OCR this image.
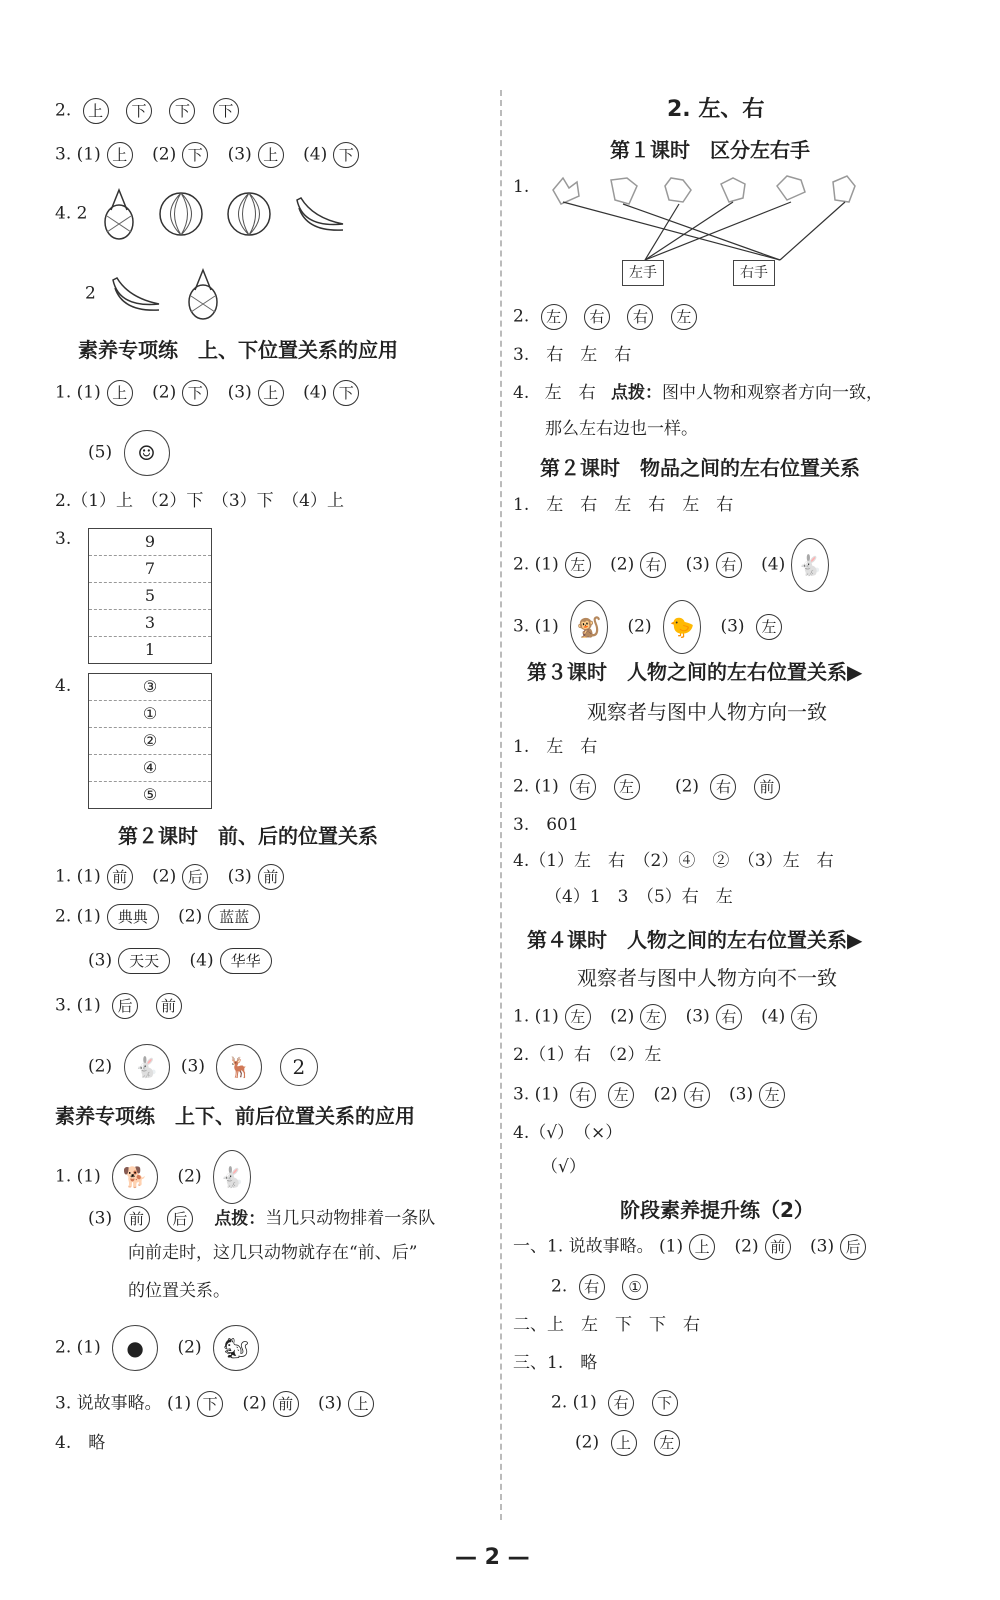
2. 上 下 下 下
3. (1) 上 (2) 下 (3) 上 (4) 下
4. 2
2
素养专项练　上、下位置关系的应用
1. (1) 上 (2) 下 (3) 上 (4) 下
(5) ☺
2.（1）上　（2）下　（3）下　（4）上
3.	9
7
5
3
1
4.	③
①
②
④
⑤
第２课时　前、后的位置关系
1. (1) 前 (2) 后 (3) 前
2. (1) 典典 (2) 蓝蓝
(3) 天天 (4) 华华
3. (1) 后 前
(2) 🐇 (3) 🦌 2
素养专项练　上下、前后位置关系的应用
1. (1) 🐕 (2) 🐇
(3) 前 后 点拨：当几只动物排着一条队
向前走时，这几只动物就存在“前、后”
的位置关系。
2. (1) ● (2) 🐿
3. 说故事略。 (1) 下 (2) 前 (3) 上
4.　略
2. 左、右
第１课时　区分左右手
1.
左手	右手
2. 左 右 右 左
3.　右　左　右
4. 左　右 点拨：图中人物和观察者方向一致，
那么左右边也一样。
第２课时　物品之间的左右位置关系
1.　左　右　左　右　左　右
2. (1) 左 (2) 右 (3) 右 (4) 🐇
3. (1) 🐒 (2) 🐤 (3) 左
第３课时　人物之间的左右位置关系▶
观察者与图中人物方向一致
1.　左　右
2. (1) 右 左 (2) 右 前
3.　601
4.（1）左　右　（2）④　②　（3）左　右
（4）1　3　（5）右　左
第４课时　人物之间的左右位置关系▶
观察者与图中人物方向不一致
1. (1) 左 (2) 左 (3) 右 (4) 右
2.（1）右　（2）左
3. (1) 右 左 (2) 右 (3) 左
4.（√）　（×）
（√）
阶段素养提升练（2）
一、1. 说故事略。 (1) 上 (2) 前 (3) 后
2. 右 ①
二、上　左　下　下　右
三、1.　略
2. (1) 右 下
(2) 上 左
— 2 —
